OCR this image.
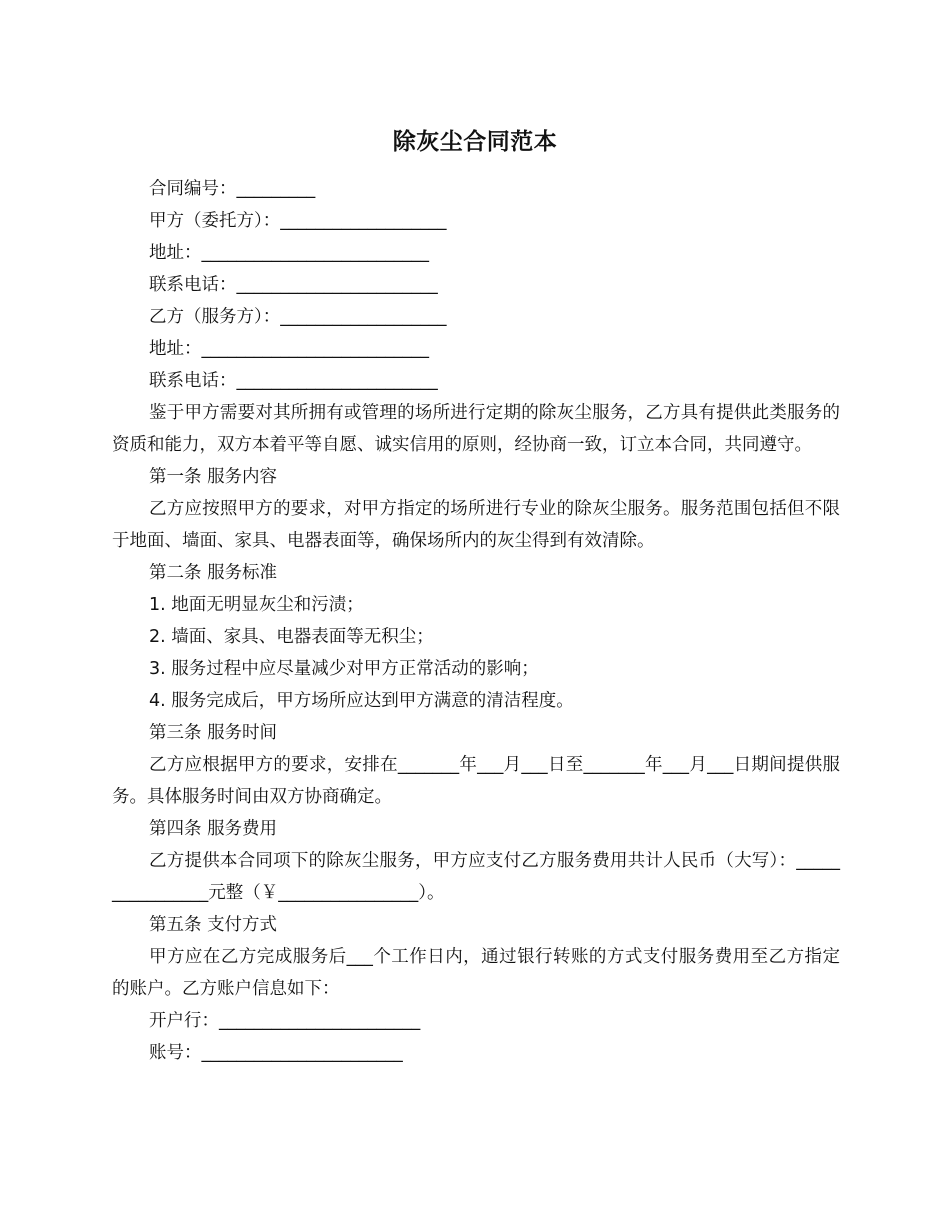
除灰尘合同范本
合同编号：_________
甲方（委托方）：___________________
地址：__________________________
联系电话：_______________________
乙方（服务方）：___________________
地址：__________________________
联系电话：_______________________
鉴于甲方需要对其所拥有或管理的场所进行定期的除灰尘服务，乙方具有提供此类服务的资质和能力，双方本着平等自愿、诚实信用的原则，经协商一致，订立本合同，共同遵守。
第一条 服务内容
乙方应按照甲方的要求，对甲方指定的场所进行专业的除灰尘服务。服务范围包括但不限于地面、墙面、家具、电器表面等，确保场所内的灰尘得到有效清除。
第二条 服务标准
1. 地面无明显灰尘和污渍；
2. 墙面、家具、电器表面等无积尘；
3. 服务过程中应尽量减少对甲方正常活动的影响；
4. 服务完成后，甲方场所应达到甲方满意的清洁程度。
第三条 服务时间
乙方应根据甲方的要求，安排在_______年___月___日至_______年___月___日期间提供服务。具体服务时间由双方协商确定。
第四条 服务费用
乙方提供本合同项下的除灰尘服务，甲方应支付乙方服务费用共计人民币（大写）：________________元整（￥________________）。
第五条 支付方式
甲方应在乙方完成服务后___个工作日内，通过银行转账的方式支付服务费用至乙方指定的账户。乙方账户信息如下：
开户行：_______________________
账号：_______________________
